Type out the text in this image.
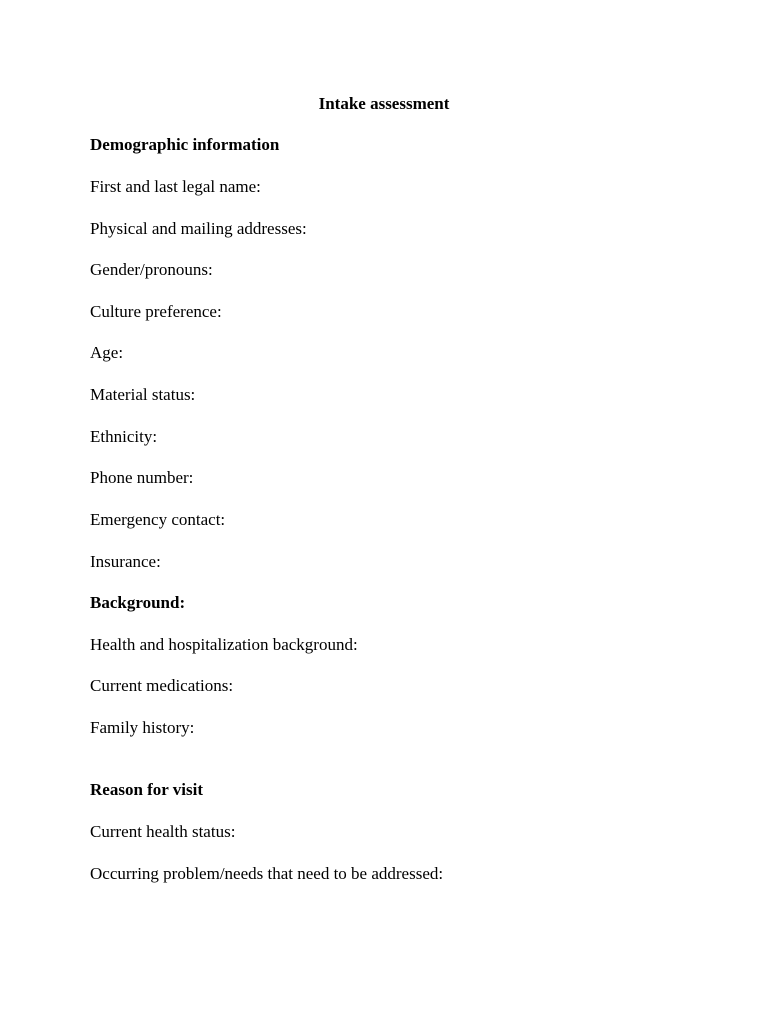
Intake assessment
Demographic information
First and last legal name:
Physical and mailing addresses:
Gender/pronouns:
Culture preference:
Age:
Material status:
Ethnicity:
Phone number:
Emergency contact:
Insurance:
Background:
Health and hospitalization background:
Current medications:
Family history:
Reason for visit
Current health status:
Occurring problem/needs that need to be addressed:
